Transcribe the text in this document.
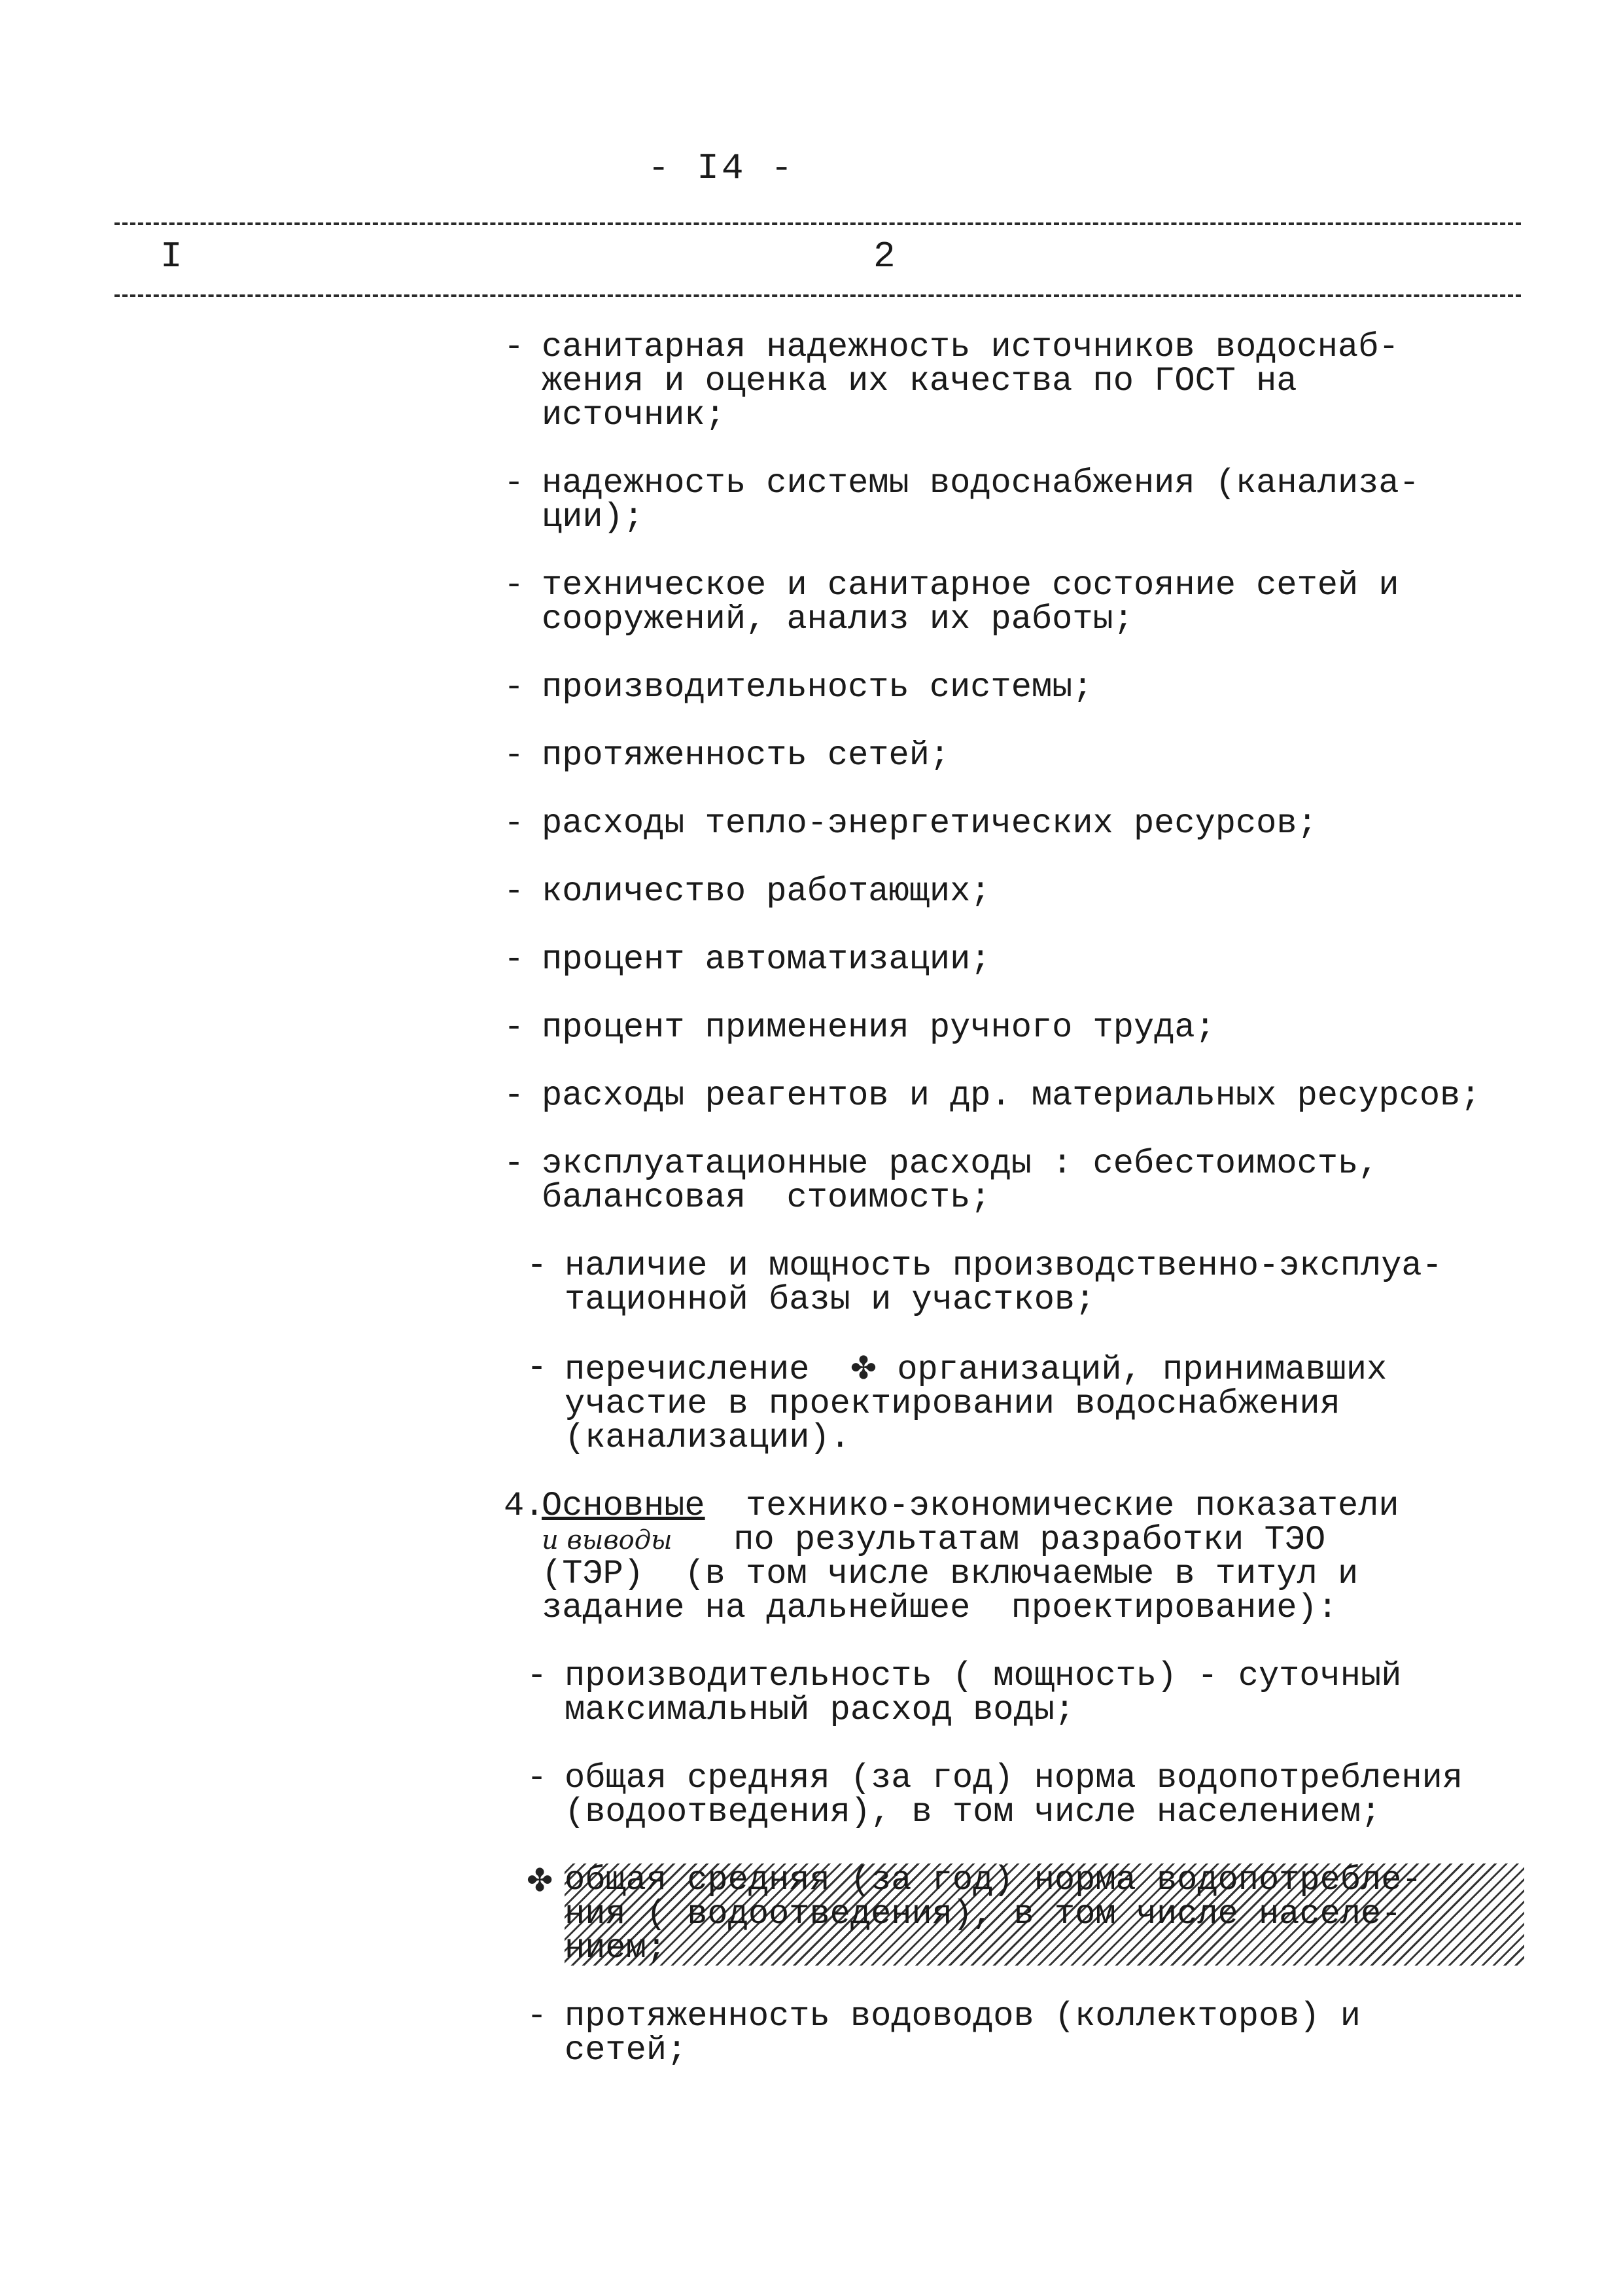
- I4 -
I	2
- санитарная надежность источников водоснаб-
жения и оценка их качества по ГОСТ на
источник;
- надежность системы водоснабжения (канализа-
ции);
- техническое и санитарное состояние сетей и
сооружений, анализ их работы;
- производительность системы;
- протяженность сетей;
- расходы тепло-энергетических ресурсов;
- количество работающих;
- процент автоматизации;
- процент применения ручного труда;
- расходы реагентов и др. материальных ресурсов;
- эксплуатационные расходы : себестоимость,
балансовая  стоимость;
- наличие и мощность производственно-эксплуа-
тационной базы и участков;
- перечисление ✤ организаций, принимавших
участие в проектировании водоснабжения
(канализации).
4.
Основные  технико-экономические показатели
и выводы   по результатам разработки ТЭО
(ТЭР)  (в том числе включаемые в титул и
задание на дальнейшее  проектирование):
- производительность ( мощность) - суточный
максимальный расход воды;
- общая средняя (за год) норма водопотребления
(водоотведения), в том числе населением;
✤ общая средняя (за год) норма водопотребле-
ния ( водоотведения), в том числе населе-
нием;
- протяженность водоводов (коллекторов) и
сетей;
